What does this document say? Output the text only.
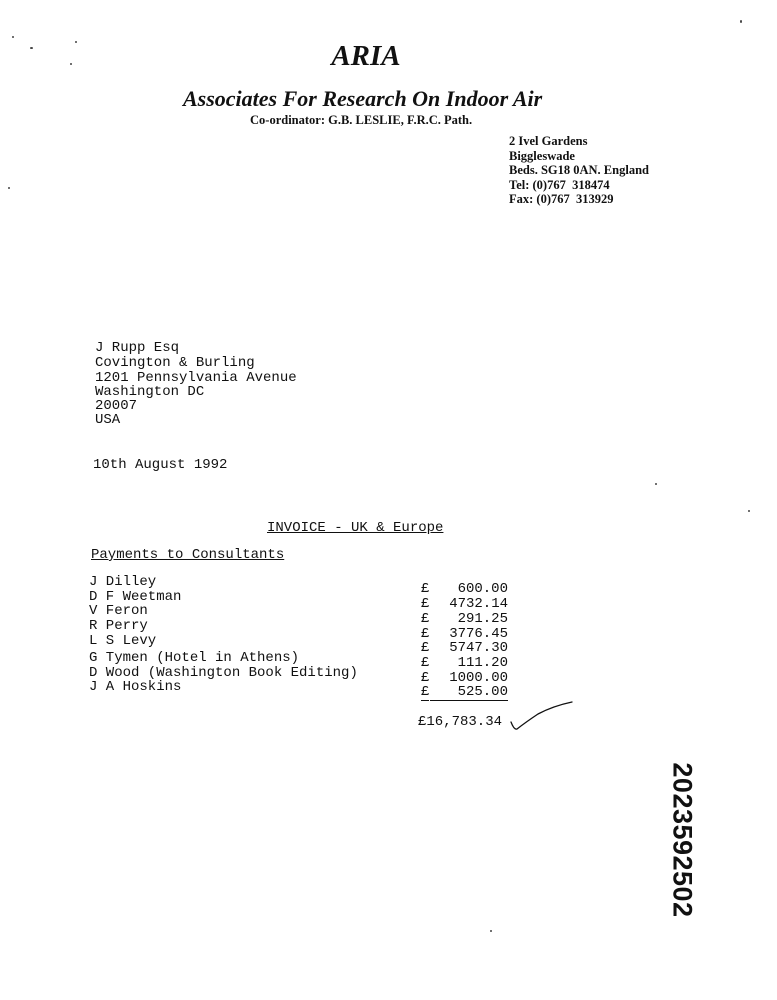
ARIA
Associates For Research On Indoor Air
Co-ordinator: G.B. LESLIE, F.R.C. Path.
2 Ivel Gardens
Biggleswade
Beds. SG18 0AN. England
Tel: (0)767  318474
Fax: (0)767  313929
J Rupp Esq
Covington & Burling
1201 Pennsylvania Avenue
Washington DC
20007
USA
10th August 1992
INVOICE - UK & Europe
Payments to Consultants
J Dilley	£	600.00
D F Weetman	£	4732.14
V Feron	£	291.25
R Perry	£	3776.45
L S Levy	£	5747.30
G Tymen (Hotel in Athens)	£	111.20
D Wood (Washington Book Editing)	£	1000.00
J A Hoskins	£	525.00
£16,783.34
2023592502
